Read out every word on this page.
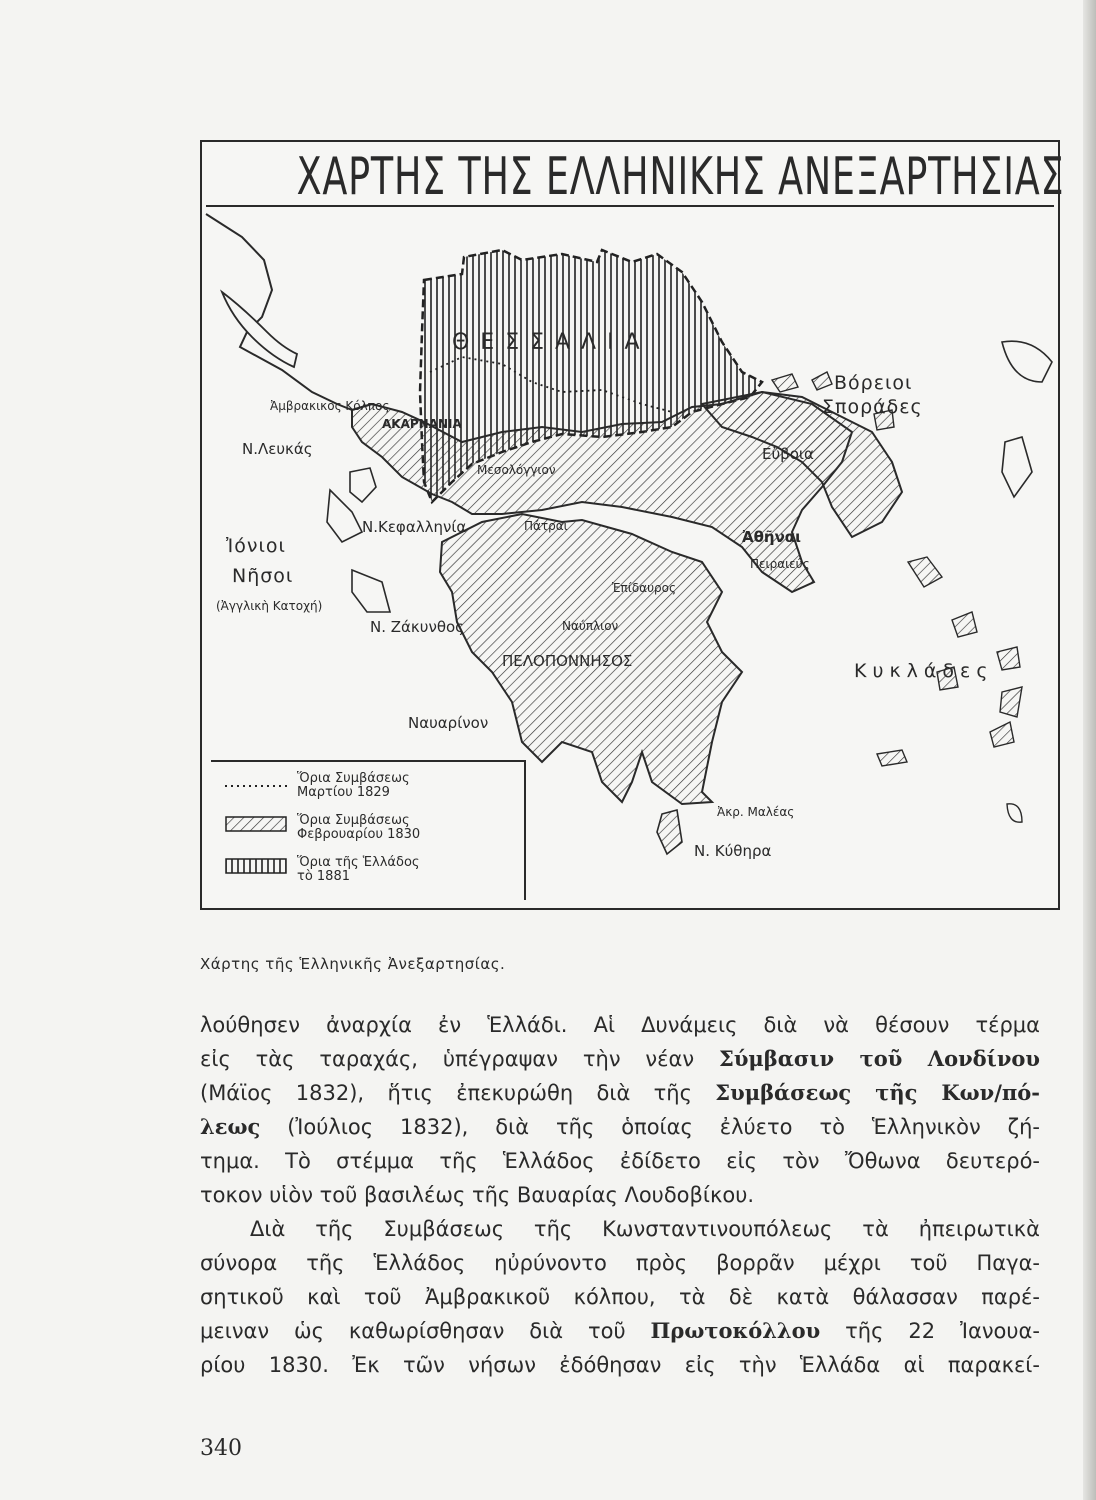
ΧΑΡΤΗΣ ΤΗΣ ΕΛΛΗΝΙΚΗΣ ΑΝΕΞΑΡΤΗΣΙΑΣ
Θ Ε Σ Σ Α Λ Ι Α
Ἀμβρακικὸς Κόλπος
ΑΚΑΡΝΑΝΙΑ
Ν.Λευκάς
Βόρειοι
Σποράδες
Εὔβοια
Μεσολόγγιον
Ν.Κεφαλληνία	Πάτραι
Ἀθῆναι
Πειραιεύς
Ἰόνιοι
Νῆσοι
(Ἀγγλικὴ Κατοχή)
Ἐπίδαυρος
Ν. Ζάκυνθος	Ναύπλιον
ΠΕΛΟΠΟΝΝΗΣΟΣ	Κυκλάδες
Ναυαρίνον
Ἀκρ. Μαλέας
Ν. Κύθηρα
Ὅρια Συμβάσεως
Μαρτίου 1829
Ὅρια Συμβάσεως
Φεβρουαρίου 1830
Ὅρια τῆς Ἑλλάδος
τὸ 1881
Χάρτης τῆς Ἑλληνικῆς Ἀνεξαρτησίας.

λούθησεν ἀναρχία ἐν Ἑλλάδι. Αἱ Δυνάμεις διὰ νὰ θέσουν τέρμα
εἰς τὰς ταραχάς, ὑπέγραψαν τὴν νέαν Σύμβασιν τοῦ Λονδίνου
(Μάϊος 1832), ἥτις ἐπεκυρώθη διὰ τῆς Συμβάσεως τῆς Κων/πό-
λεως (Ἰούλιος 1832), διὰ τῆς ὁποίας ἐλύετο τὸ Ἑλληνικὸν ζή-
τημα. Τὸ στέμμα τῆς Ἑλλάδος ἐδίδετο εἰς τὸν Ὄθωνα δευτερό-
τοκον υἱὸν τοῦ βασιλέως τῆς Βαυαρίας Λουδοβίκου.

Διὰ τῆς Συμβάσεως τῆς Κωνσταντινουπόλεως τὰ ἠπειρωτικὰ
σύνορα τῆς Ἑλλάδος ηὐρύνοντο πρὸς βορρᾶν μέχρι τοῦ Παγα-
σητικοῦ καὶ τοῦ Ἀμβρακικοῦ κόλπου, τὰ δὲ κατὰ θάλασσαν παρέ-
μειναν ὡς καθωρίσθησαν διὰ τοῦ Πρωτοκόλλου τῆς 22 Ἰανουα-
ρίου 1830. Ἐκ τῶν νήσων ἐδόθησαν εἰς τὴν Ἑλλάδα αἱ παρακεί-

340
